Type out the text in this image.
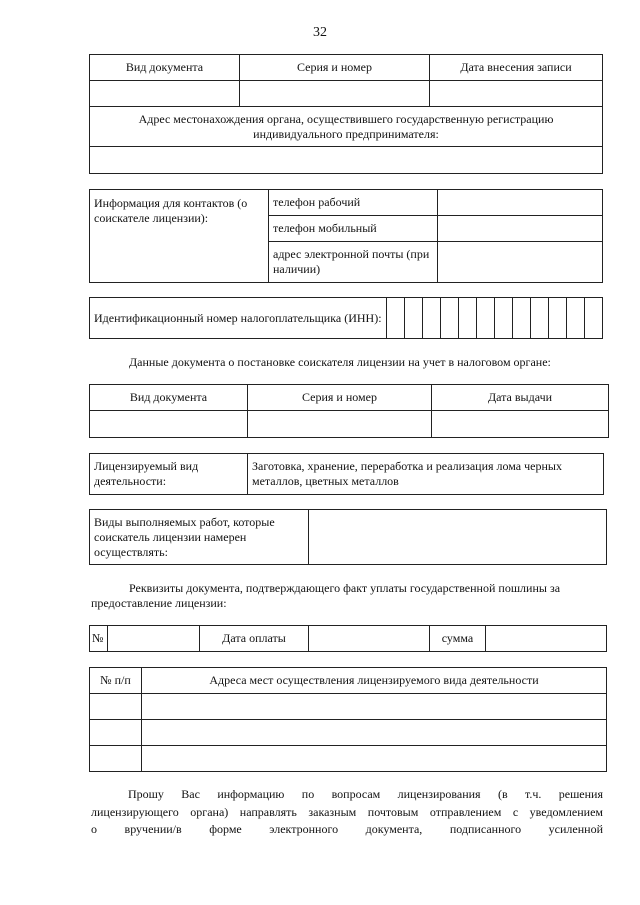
32
Вид документа	Серия и номер	Дата внесения записи

Адрес местонахождения органа, осуществившего государственную регистрацию индивидуального предпринимателя:		

Информация для контактов (о соискателе лицензии):	телефон рабочий	
	телефон мобильный	
	адрес электронной почты (при наличии)	
Идентификационный номер налогоплательщика (ИНН):												
Данные документа о постановке соискателя лицензии на учет в налоговом органе:
Вид документа	Серия и номер	Дата выдачи

Лицензируемый вид деятельности:	Заготовка, хранение, переработка и реализация лома черных металлов, цветных металлов
Виды выполняемых работ, которые соискатель лицензии намерен осуществлять:	
Реквизиты документа, подтверждающего факт уплаты государственной пошлины за предоставление лицензии:
№		Дата оплаты		сумма	
№ п/п	Адреса мест осуществления лицензируемого вида деятельности

Прошу Вас информацию по вопросам лицензирования (в т.ч. решения
лицензирующего органа) направлять заказным почтовым отправлением с уведомлением
о вручении/в форме электронного документа, подписанного усиленной
